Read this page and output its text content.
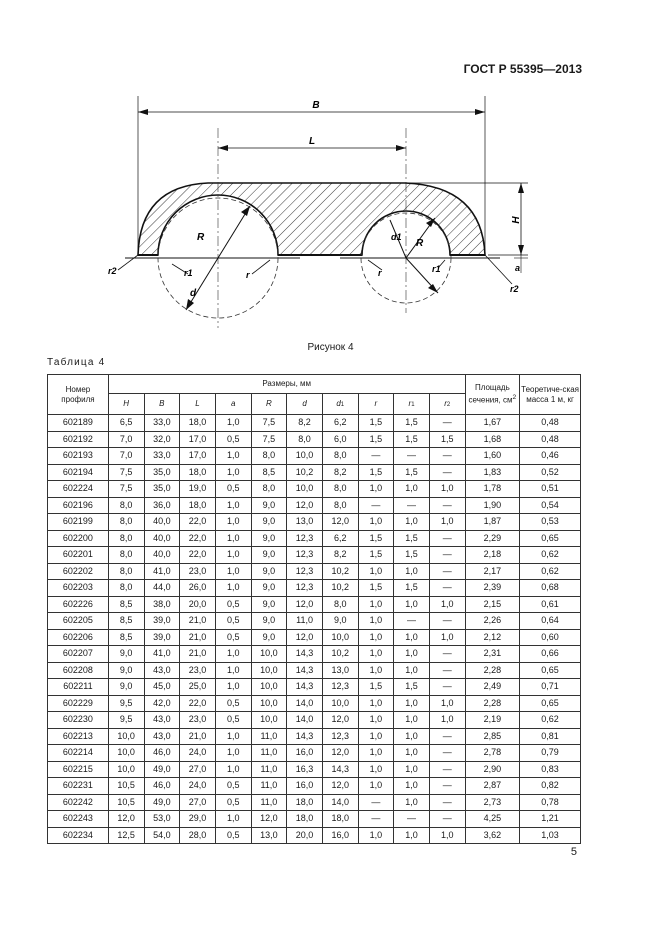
ГОСТ Р 55395—2013
B
L
H
a
R
d
R
d1
r1	r	r	r1
r2
r2
Рисунок 4
Таблица 4
Номер профиля	Размеры, мм										Площадь сечения, $см^2$	Теоретиче-ская масса 1 м, кг
	H	B	L	a	R	d	d1	r	r1	r2		
602189	6,5	33,0	18,0	1,0	7,5	8,2	6,2	1,5	1,5	—	1,67	0,48
602192	7,0	32,0	17,0	0,5	7,5	8,0	6,0	1,5	1,5	1,5	1,68	0,48
602193	7,0	33,0	17,0	1,0	8,0	10,0	8,0	—	—	—	1,60	0,46
602194	7,5	35,0	18,0	1,0	8,5	10,2	8,2	1,5	1,5	—	1,83	0,52
602224	7,5	35,0	19,0	0,5	8,0	10,0	8,0	1,0	1,0	1,0	1,78	0,51
602196	8,0	36,0	18,0	1,0	9,0	12,0	8,0	—	—	—	1,90	0,54
602199	8,0	40,0	22,0	1,0	9,0	13,0	12,0	1,0	1,0	1,0	1,87	0,53
602200	8,0	40,0	22,0	1,0	9,0	12,3	6,2	1,5	1,5	—	2,29	0,65
602201	8,0	40,0	22,0	1,0	9,0	12,3	8,2	1,5	1,5	—	2,18	0,62
602202	8,0	41,0	23,0	1,0	9,0	12,3	10,2	1,0	1,0	—	2,17	0,62
602203	8,0	44,0	26,0	1,0	9,0	12,3	10,2	1,5	1,5	—	2,39	0,68
602226	8,5	38,0	20,0	0,5	9,0	12,0	8,0	1,0	1,0	1,0	2,15	0,61
602205	8,5	39,0	21,0	0,5	9,0	11,0	9,0	1,0	—	—	2,26	0,64
602206	8,5	39,0	21,0	0,5	9,0	12,0	10,0	1,0	1,0	1,0	2,12	0,60
602207	9,0	41,0	21,0	1,0	10,0	14,3	10,2	1,0	1,0	—	2,31	0,66
602208	9,0	43,0	23,0	1,0	10,0	14,3	13,0	1,0	1,0	—	2,28	0,65
602211	9,0	45,0	25,0	1,0	10,0	14,3	12,3	1,5	1,5	—	2,49	0,71
602229	9,5	42,0	22,0	0,5	10,0	14,0	10,0	1,0	1,0	1,0	2,28	0,65
602230	9,5	43,0	23,0	0,5	10,0	14,0	12,0	1,0	1,0	1,0	2,19	0,62
602213	10,0	43,0	21,0	1,0	11,0	14,3	12,3	1,0	1,0	—	2,85	0,81
602214	10,0	46,0	24,0	1,0	11,0	16,0	12,0	1,0	1,0	—	2,78	0,79
602215	10,0	49,0	27,0	1,0	11,0	16,3	14,3	1,0	1,0	—	2,90	0,83
602231	10,5	46,0	24,0	0,5	11,0	16,0	12,0	1,0	1,0	—	2,87	0,82
602242	10,5	49,0	27,0	0,5	11,0	18,0	14,0	—	1,0	—	2,73	0,78
602243	12,0	53,0	29,0	1,0	12,0	18,0	18,0	—	—	—	4,25	1,21
602234	12,5	54,0	28,0	0,5	13,0	20,0	16,0	1,0	1,0	1,0	3,62	1,03
5
